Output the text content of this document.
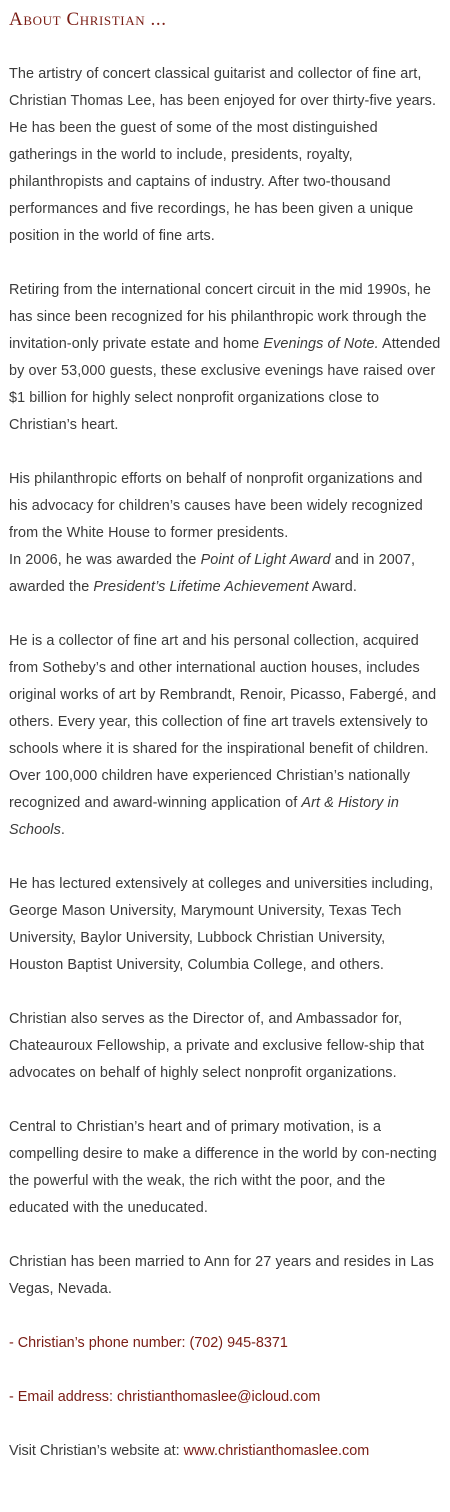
About Christian ...

The artistry of concert classical guitarist and collector of fine art, Christian Thomas Lee, has been enjoyed for over thirty-five years. He has been the guest of some of the most distinguished gatherings in the world to include, presidents, royalty, philanthropists and captains of industry. After two-thousand performances and five recordings, he has been given a unique position in the world of fine arts.

Retiring from the international concert circuit in the mid 1990s, he has since been recognized for his philanthropic work through the invitation-only private estate and home Evenings of Note. Attended by over 53,000 guests, these exclusive evenings have raised over $1 billion for highly select nonprofit organizations close to Christian’s heart.

His philanthropic efforts on behalf of nonprofit organizations and his advocacy for children’s causes have been widely recognized from the White House to former presidents.
In 2006, he was awarded the Point of Light Award and in 2007, awarded the President’s Lifetime Achievement Award.

He is a collector of fine art and his personal collection, acquired from Sotheby’s and other international auction houses, includes original works of art by Rembrandt, Renoir, Picasso, Fabergé, and others. Every year, this collection of fine art travels extensively to schools where it is shared for the inspirational benefit of children. Over 100,000 children have experienced Christian’s nationally recognized and award-winning application of Art & History in Schools.

He has lectured extensively at colleges and universities including, George Mason University, Marymount University, Texas Tech University, Baylor University, Lubbock Christian University, Houston Baptist University, Columbia College, and others.

Christian also serves as the Director of, and Ambassador for, Chateauroux Fellowship, a private and exclusive fellow-ship that advocates on behalf of highly select nonprofit organizations.

Central to Christian’s heart and of primary motivation, is a compelling desire to make a difference in the world by con-necting the powerful with the weak, the rich witht the poor, and the educated with the uneducated.

Christian has been married to Ann for 27 years and resides in Las Vegas, Nevada.

- Christian’s phone number: (702) 945-8371

- Email address: christianthomaslee@icloud.com

Visit Christian’s website at: www.christianthomaslee.com
